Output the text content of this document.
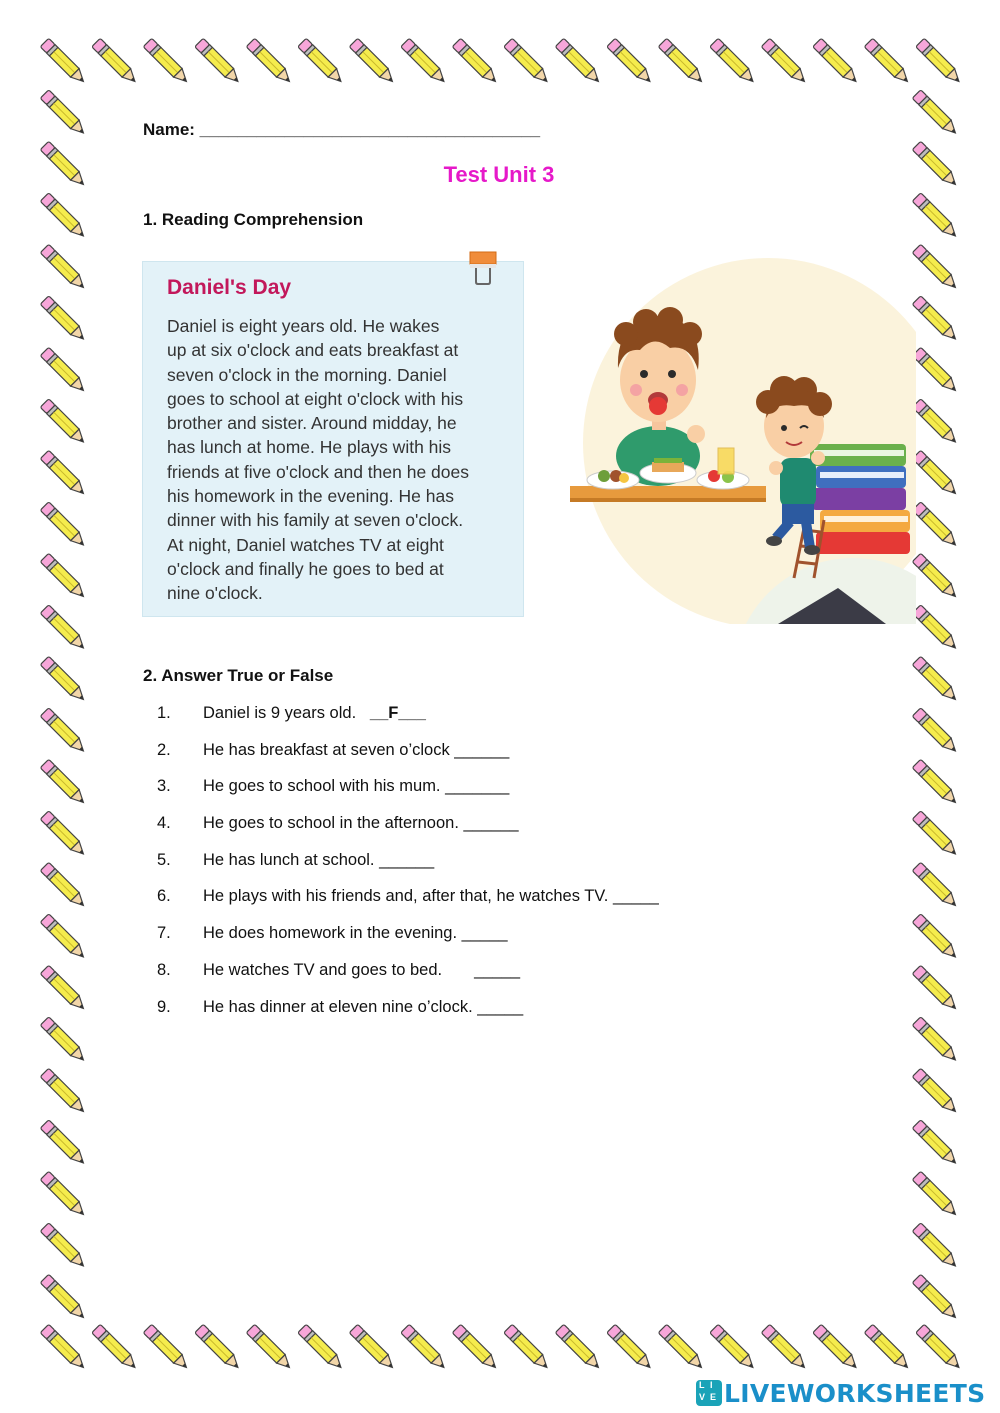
Name: ____________________________________
Test Unit 3
1. Reading Comprehension
Daniel's Day
Daniel is eight years old. He wakes
up at six o'clock and eats breakfast at
seven o'clock in the morning. Daniel
goes to school at eight o'clock with his
brother and sister. Around midday, he
has lunch at home. He plays with his
friends at five o'clock and then he does
his homework in the evening. He has
dinner with his family at seven o'clock.
At night, Daniel watches TV at eight
o'clock and finally he goes to bed at
nine o'clock.
2. Answer True or False
1. Daniel is 9 years old.   __F___
2. He has breakfast at seven o’clock ______
3. He goes to school with his mum. _______
4. He goes to school in the afternoon. ______
5. He has lunch at school. ______
6. He plays with his friends and, after that, he watches TV. _____
7. He does homework in the evening. _____
8. He watches TV and goes to bed.       _____
9. He has dinner at eleven nine o’clock. _____
L I
V E LIVEWORKSHEETS
